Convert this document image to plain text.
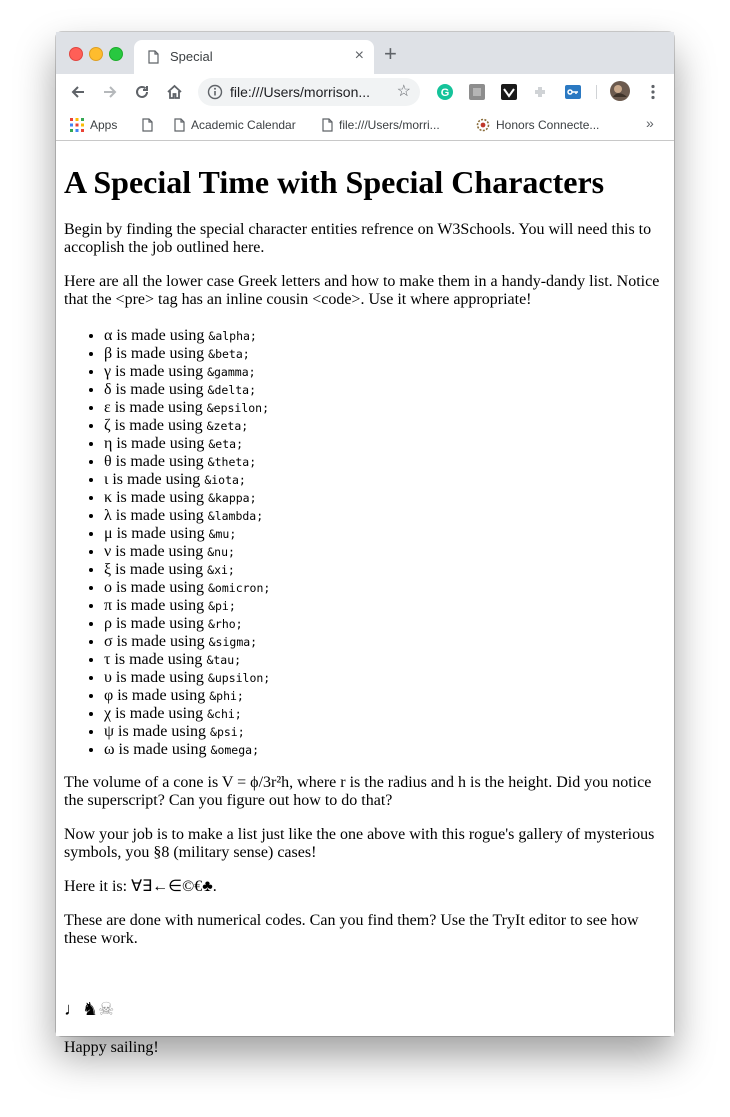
Special	× +
file:///Users/morrison...	☆	G
Apps	Academic Calendar	file:///Users/morri...	Honors Connecte...	»
A Special Time with Special Characters

Begin by finding the special character entities refrence on W3Schools. You will need this to accoplish the job outlined here.

Here are all the lower case Greek letters and how to make them in a handy-dandy list. Notice that the <pre> tag has an inline cousin <code>. Use it where appropriate!

• α is made using &alpha;
• β is made using &beta;
• γ is made using &gamma;
• δ is made using &delta;
• ε is made using &epsilon;
• ζ is made using &zeta;
• η is made using &eta;
• θ is made using &theta;
• ι is made using &iota;
• κ is made using &kappa;
• λ is made using &lambda;
• μ is made using &mu;
• ν is made using &nu;
• ξ is made using &xi;
• ο is made using &omicron;
• π is made using &pi;
• ρ is made using &rho;
• σ is made using &sigma;
• τ is made using &tau;
• υ is made using &upsilon;
• φ is made using &phi;
• χ is made using &chi;
• ψ is made using &psi;
• ω is made using &omega;

The volume of a cone is V = ϕ/3r²h, where r is the radius and h is the height. Did you notice the superscript? Can you figure out how to do that?

Now your job is to make a list just like the one above with this rogue's gallery of mysterious symbols, you §8 (military sense) cases!

Here it is: ∀∃←∈©€♣.

These are done with numerical codes. Can you find them? Use the TryIt editor to see how these work.

♩♞☠

Happy sailing!
